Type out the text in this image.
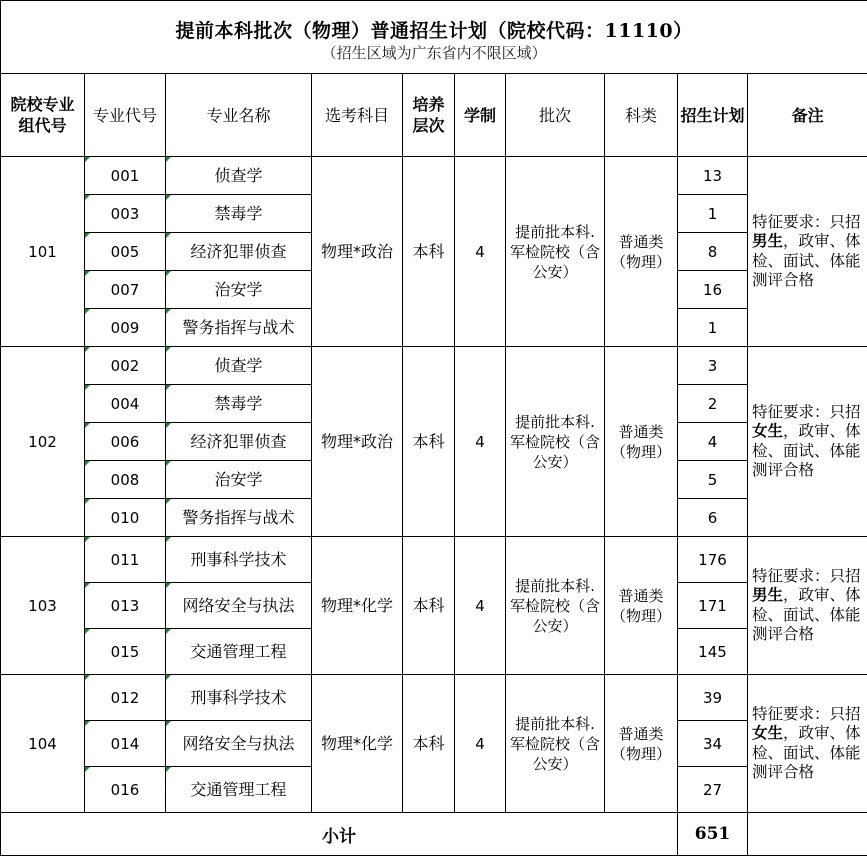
提前本科批次（物理）普通招生计划（院校代码：11110）
（招生区域为广东省内不限区域）									

院校专业组代号	专业代号	专业名称	选考科目	培养层次	学制	批次	科类	招生计划	备注
101	001	侦查学	物理*政治	本科	4	提前批本科.军检院校（含公安）	普通类（物理）	13	特征要求：只招男生，政审、体检、面试、体能测评合格
	003	禁毒学						1	
	005	经济犯罪侦查						8	
	007	治安学						16	
	009	警务指挥与战术						1	
102	002	侦查学	物理*政治	本科	4	提前批本科.军检院校（含公安）	普通类（物理）	3	特征要求：只招女生，政审、体检、面试、体能测评合格
	004	禁毒学						2	
	006	经济犯罪侦查						4	
	008	治安学						5	
	010	警务指挥与战术						6	
103	011	刑事科学技术	物理*化学	本科	4	提前批本科.军检院校（含公安）	普通类（物理）	176	特征要求：只招男生，政审、体检、面试、体能测评合格
	013	网络安全与执法						171	
	015	交通管理工程						145	
104	012	刑事科学技术	物理*化学	本科	4	提前批本科.军检院校（含公安）	普通类（物理）	39	特征要求：只招女生，政审、体检、面试、体能测评合格
	014	网络安全与执法						34	
	016	交通管理工程						27	
小计								651	
